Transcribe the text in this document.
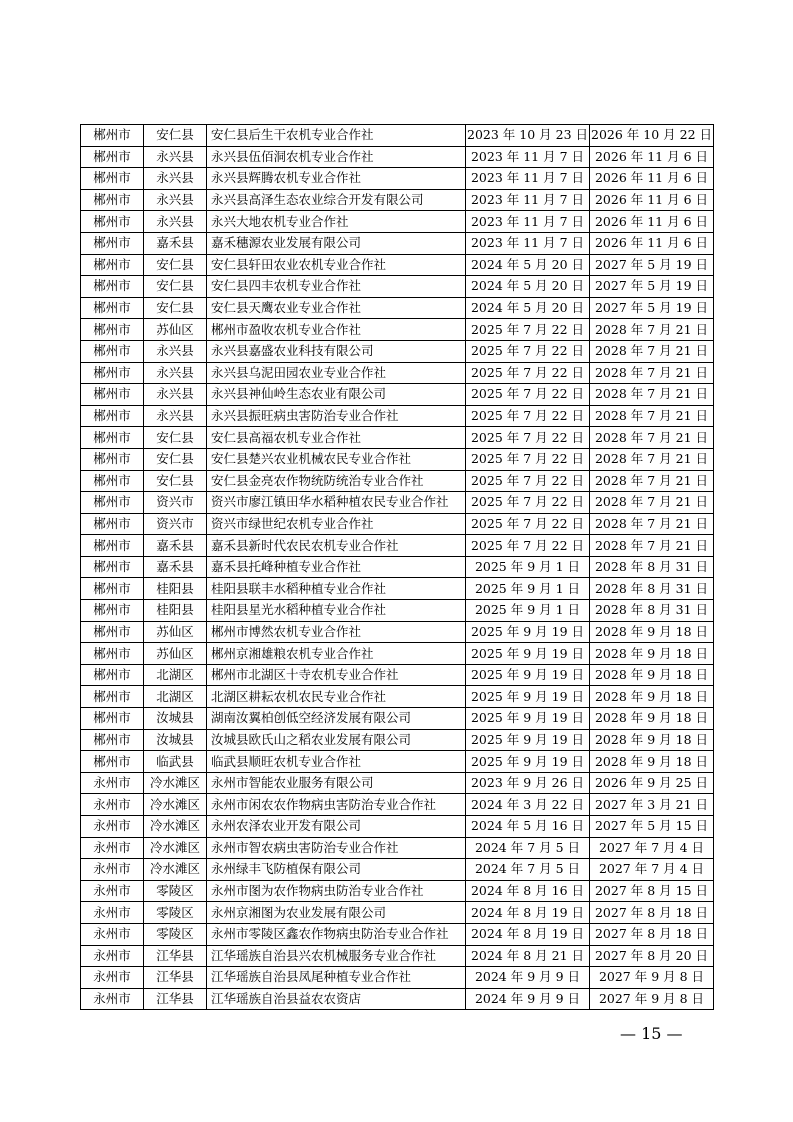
郴州市	安仁县	安仁县后生干农机专业合作社	2023 年 10 月 23 日	2026 年 10 月 22 日
郴州市	永兴县	永兴县伍佰洞农机专业合作社	2023 年 11 月 7 日	2026 年 11 月 6 日
郴州市	永兴县	永兴县辉腾农机专业合作社	2023 年 11 月 7 日	2026 年 11 月 6 日
郴州市	永兴县	永兴县高泽生态农业综合开发有限公司	2023 年 11 月 7 日	2026 年 11 月 6 日
郴州市	永兴县	永兴大地农机专业合作社	2023 年 11 月 7 日	2026 年 11 月 6 日
郴州市	嘉禾县	嘉禾穗源农业发展有限公司	2023 年 11 月 7 日	2026 年 11 月 6 日
郴州市	安仁县	安仁县轩田农业农机专业合作社	2024 年 5 月 20 日	2027 年 5 月 19 日
郴州市	安仁县	安仁县四丰农机专业合作社	2024 年 5 月 20 日	2027 年 5 月 19 日
郴州市	安仁县	安仁县天鹰农业专业合作社	2024 年 5 月 20 日	2027 年 5 月 19 日
郴州市	苏仙区	郴州市盈收农机专业合作社	2025 年 7 月 22 日	2028 年 7 月 21 日
郴州市	永兴县	永兴县嘉盛农业科技有限公司	2025 年 7 月 22 日	2028 年 7 月 21 日
郴州市	永兴县	永兴县乌泥田园农业专业合作社	2025 年 7 月 22 日	2028 年 7 月 21 日
郴州市	永兴县	永兴县神仙岭生态农业有限公司	2025 年 7 月 22 日	2028 年 7 月 21 日
郴州市	永兴县	永兴县振旺病虫害防治专业合作社	2025 年 7 月 22 日	2028 年 7 月 21 日
郴州市	安仁县	安仁县高福农机专业合作社	2025 年 7 月 22 日	2028 年 7 月 21 日
郴州市	安仁县	安仁县楚兴农业机械农民专业合作社	2025 年 7 月 22 日	2028 年 7 月 21 日
郴州市	安仁县	安仁县金亮农作物统防统治专业合作社	2025 年 7 月 22 日	2028 年 7 月 21 日
郴州市	资兴市	资兴市廖江镇田华水稻种植农民专业合作社	2025 年 7 月 22 日	2028 年 7 月 21 日
郴州市	资兴市	资兴市绿世纪农机专业合作社	2025 年 7 月 22 日	2028 年 7 月 21 日
郴州市	嘉禾县	嘉禾县新时代农民农机专业合作社	2025 年 7 月 22 日	2028 年 7 月 21 日
郴州市	嘉禾县	嘉禾县托峰种植专业合作社	2025 年 9 月 1 日	2028 年 8 月 31 日
郴州市	桂阳县	桂阳县联丰水稻种植专业合作社	2025 年 9 月 1 日	2028 年 8 月 31 日
郴州市	桂阳县	桂阳县星光水稻种植专业合作社	2025 年 9 月 1 日	2028 年 8 月 31 日
郴州市	苏仙区	郴州市博然农机专业合作社	2025 年 9 月 19 日	2028 年 9 月 18 日
郴州市	苏仙区	郴州京湘雄粮农机专业合作社	2025 年 9 月 19 日	2028 年 9 月 18 日
郴州市	北湖区	郴州市北湖区十寺农机专业合作社	2025 年 9 月 19 日	2028 年 9 月 18 日
郴州市	北湖区	北湖区耕耘农机农民专业合作社	2025 年 9 月 19 日	2028 年 9 月 18 日
郴州市	汝城县	湖南汝翼柏创低空经济发展有限公司	2025 年 9 月 19 日	2028 年 9 月 18 日
郴州市	汝城县	汝城县欧氏山之稻农业发展有限公司	2025 年 9 月 19 日	2028 年 9 月 18 日
郴州市	临武县	临武县顺旺农机专业合作社	2025 年 9 月 19 日	2028 年 9 月 18 日
永州市	冷水滩区	永州市智能农业服务有限公司	2023 年 9 月 26 日	2026 年 9 月 25 日
永州市	冷水滩区	永州市闲农农作物病虫害防治专业合作社	2024 年 3 月 22 日	2027 年 3 月 21 日
永州市	冷水滩区	永州农泽农业开发有限公司	2024 年 5 月 16 日	2027 年 5 月 15 日
永州市	冷水滩区	永州市智农病虫害防治专业合作社	2024 年 7 月 5 日	2027 年 7 月 4 日
永州市	冷水滩区	永州绿丰飞防植保有限公司	2024 年 7 月 5 日	2027 年 7 月 4 日
永州市	零陵区	永州市图为农作物病虫防治专业合作社	2024 年 8 月 16 日	2027 年 8 月 15 日
永州市	零陵区	永州京湘图为农业发展有限公司	2024 年 8 月 19 日	2027 年 8 月 18 日
永州市	零陵区	永州市零陵区鑫农作物病虫防治专业合作社	2024 年 8 月 19 日	2027 年 8 月 18 日
永州市	江华县	江华瑶族自治县兴农机械服务专业合作社	2024 年 8 月 21 日	2027 年 8 月 20 日
永州市	江华县	江华瑶族自治县凤尾种植专业合作社	2024 年 9 月 9 日	2027 年 9 月 8 日
永州市	江华县	江华瑶族自治县益农农资店	2024 年 9 月 9 日	2027 年 9 月 8 日
— 15 —
